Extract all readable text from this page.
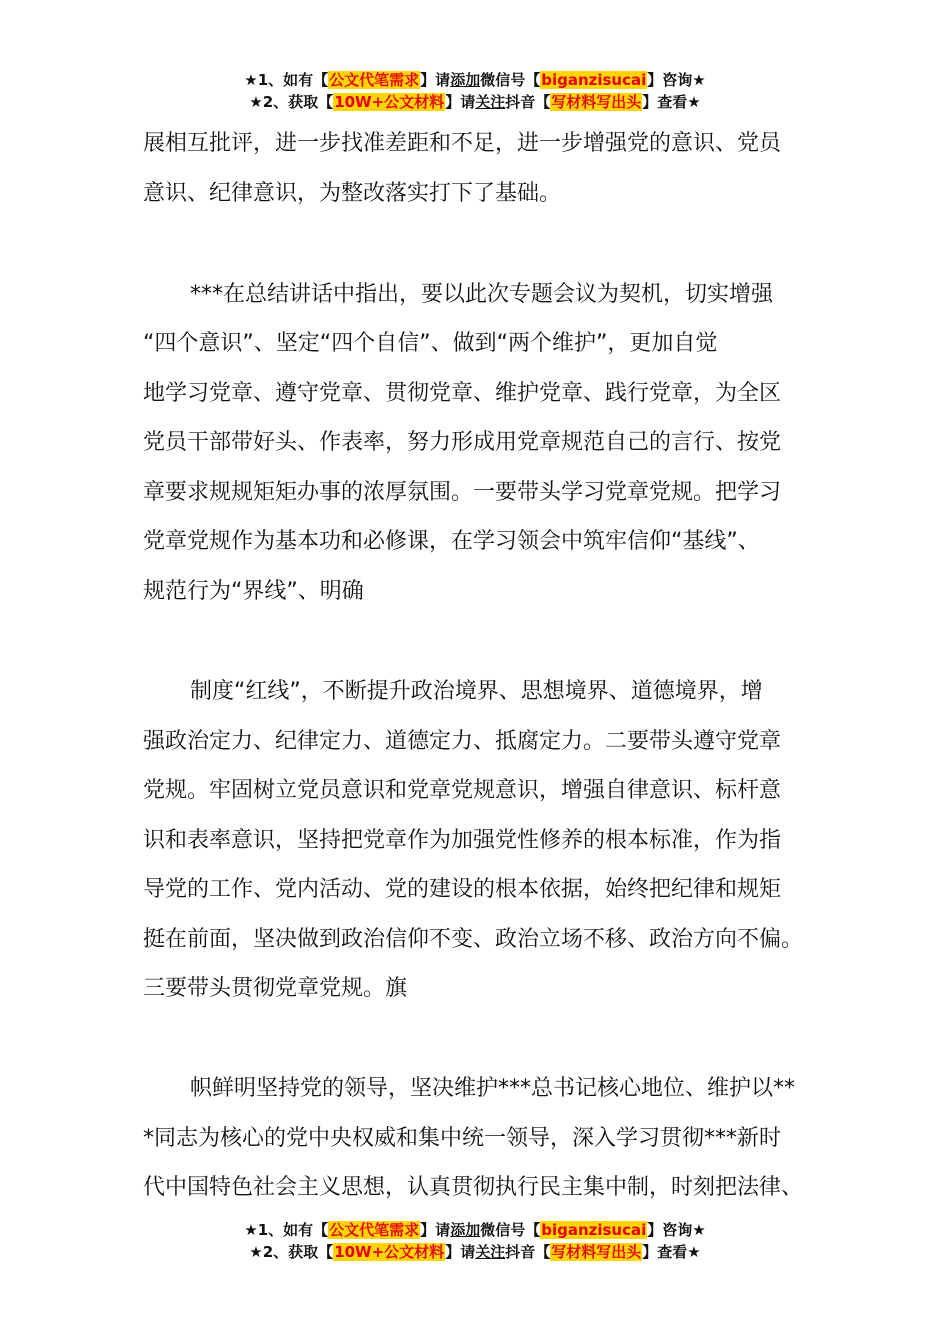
★1、如有【公文代笔需求】请添加微信号【biganzisucai】咨询★
★2、获取【10W+公文材料】请关注抖音【写材料写出头】查看★
展相互批评，进一步找准差距和不足，进一步增强党的意识、党员
意识、纪律意识，为整改落实打下了基础。
***在总结讲话中指出，要以此次专题会议为契机，切实增强
“四个意识”、坚定“四个自信”、做到“两个维护”，更加自觉
地学习党章、遵守党章、贯彻党章、维护党章、践行党章，为全区
党员干部带好头、作表率，努力形成用党章规范自己的言行、按党
章要求规规矩矩办事的浓厚氛围。一要带头学习党章党规。把学习
党章党规作为基本功和必修课，在学习领会中筑牢信仰“基线”、
规范行为“界线”、明确
制度“红线”，不断提升政治境界、思想境界、道德境界，增
强政治定力、纪律定力、道德定力、抵腐定力。二要带头遵守党章
党规。牢固树立党员意识和党章党规意识，增强自律意识、标杆意
识和表率意识，坚持把党章作为加强党性修养的根本标准，作为指
导党的工作、党内活动、党的建设的根本依据，始终把纪律和规矩
挺在前面，坚决做到政治信仰不变、政治立场不移、政治方向不偏。
三要带头贯彻党章党规。旗
帜鲜明坚持党的领导，坚决维护***总书记核心地位、维护以**
*同志为核心的党中央权威和集中统一领导，深入学习贯彻***新时
代中国特色社会主义思想，认真贯彻执行民主集中制，时刻把法律、
★1、如有【公文代笔需求】请添加微信号【biganzisucai】咨询★
★2、获取【10W+公文材料】请关注抖音【写材料写出头】查看★
